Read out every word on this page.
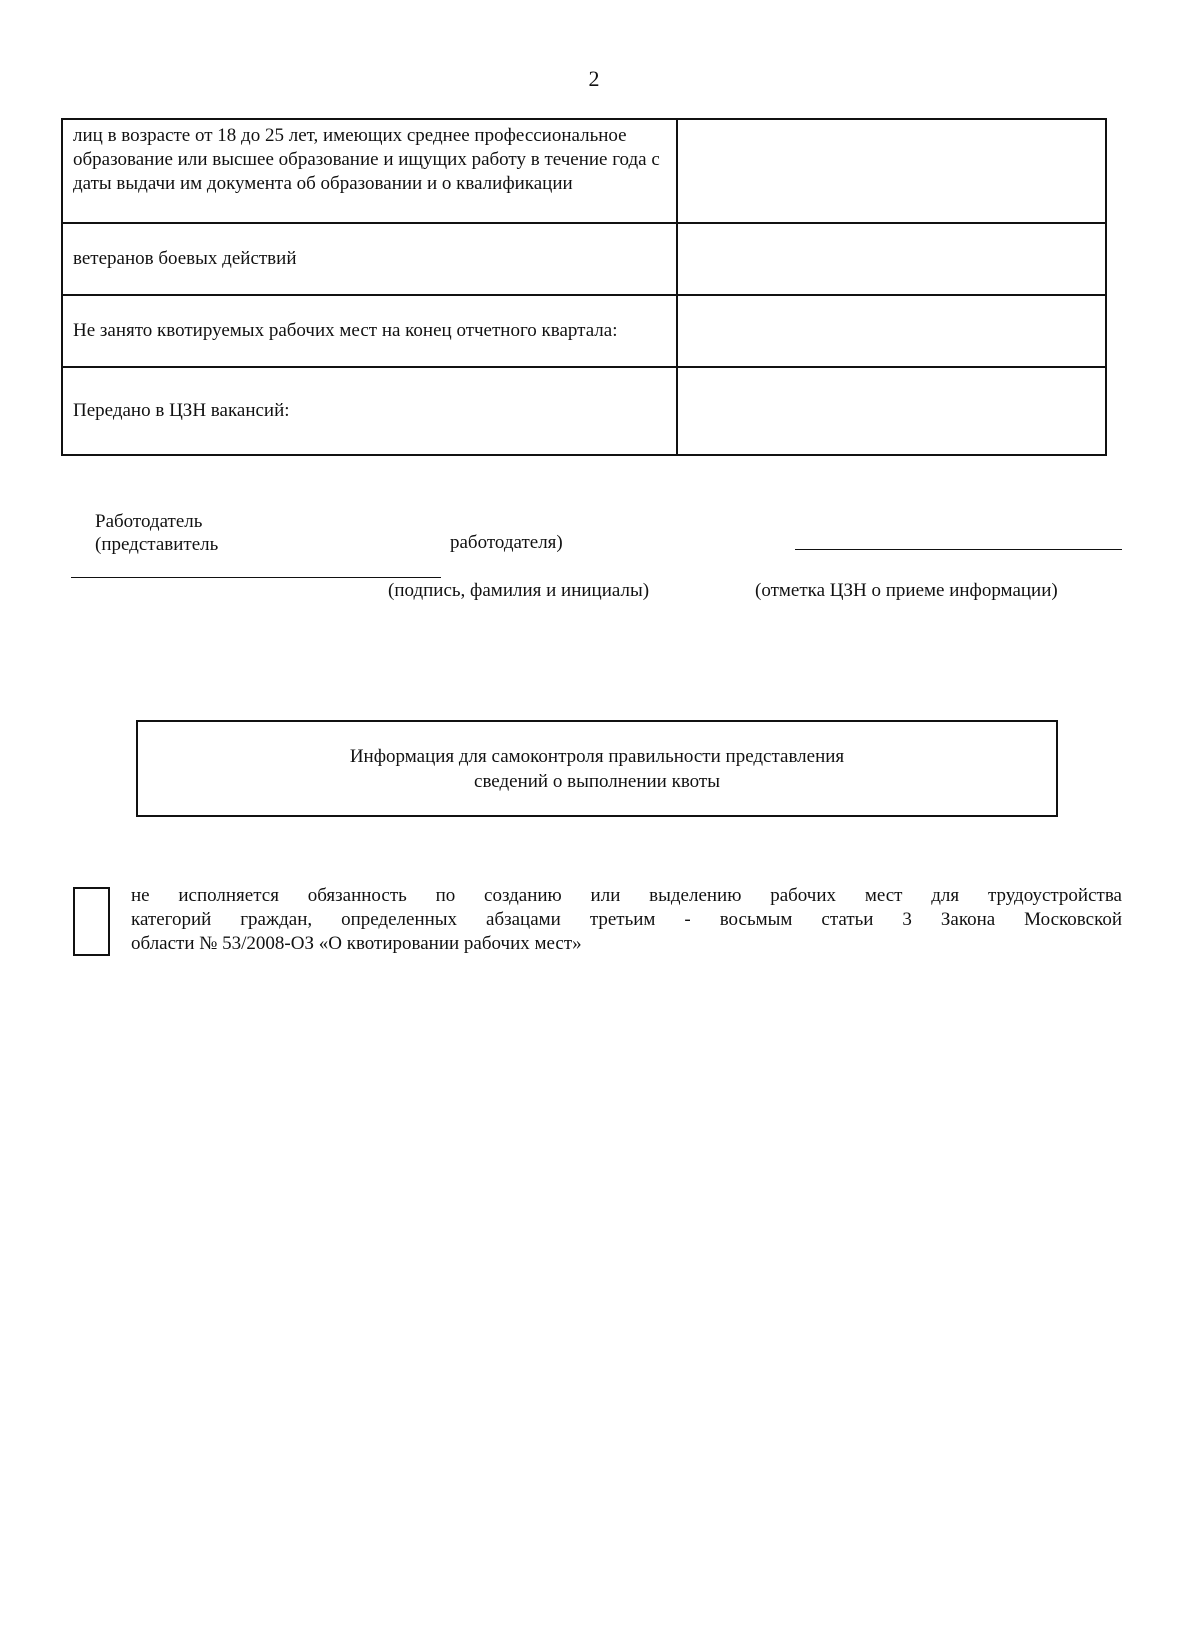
2
лиц в возрасте от 18 до 25 лет, имеющих среднее профессиональное образование или высшее образование и ищущих работу в течение года с даты выдачи им документа об образовании и о квалификации	
ветеранов боевых действий	
Не занято квотируемых рабочих мест на конец отчетного квартала:	
Передано в ЦЗН вакансий:	
Работодатель
(представитель	работодателя)
(подпись, фамилия и инициалы)	(отметка ЦЗН о приеме информации)
Информация для самоконтроля правильности представления
сведений о выполнении квоты
не исполняется обязанность по созданию или выделению рабочих мест для трудоустройства
категорий граждан, определенных абзацами третьим - восьмым статьи 3 Закона Московской
области № 53/2008-ОЗ «О квотировании рабочих мест»
